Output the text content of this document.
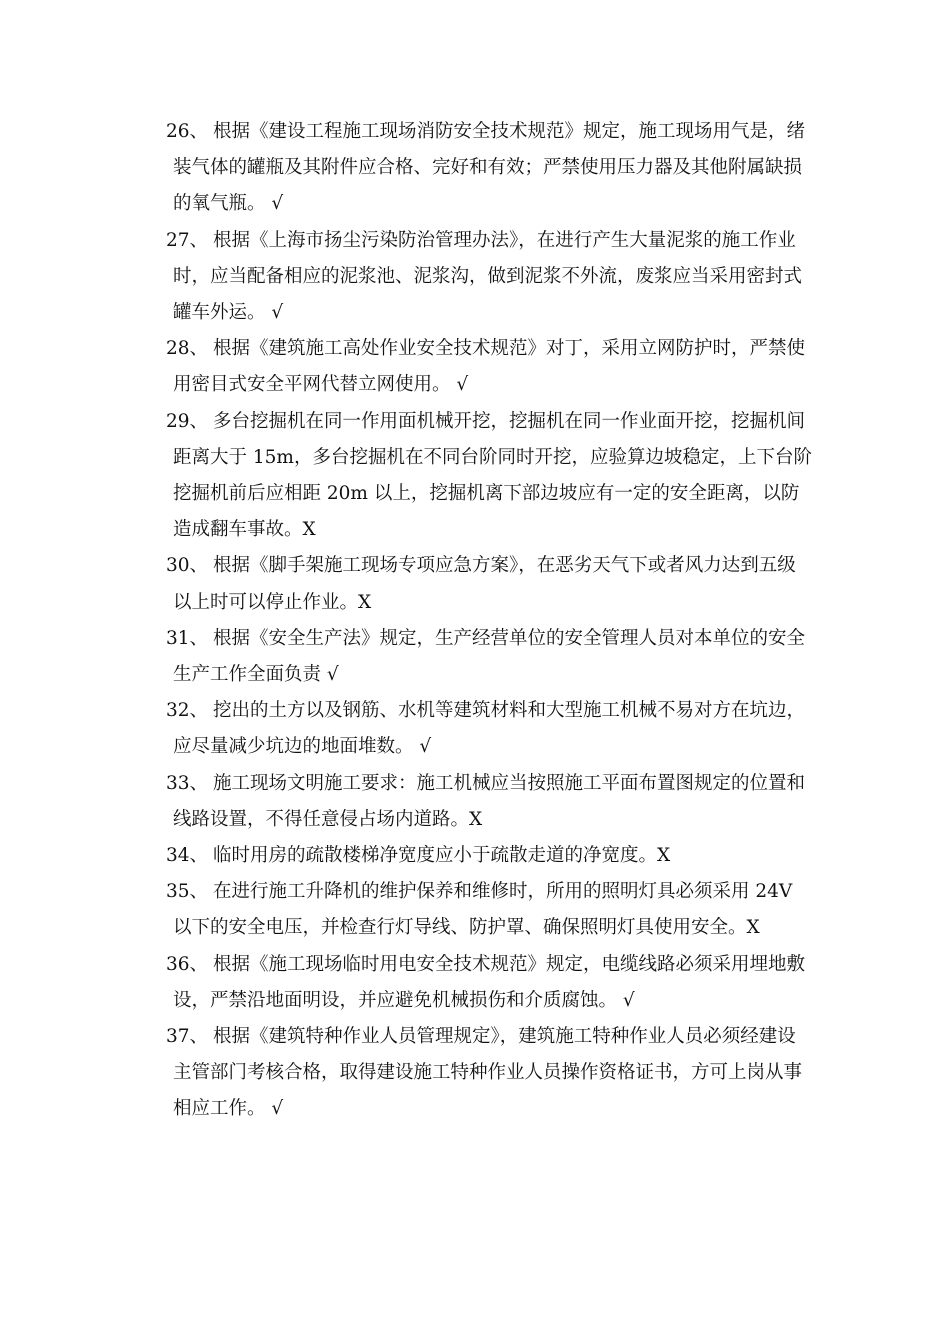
26、 根据《建设工程施工现场消防安全技术规范》规定，施工现场用气是，绪装气体的罐瓶及其附件应合格、完好和有效；严禁使用压力器及其他附属缺损的氧气瓶。 √
27、 根据《上海市扬尘污染防治管理办法》，在进行产生大量泥浆的施工作业时，应当配备相应的泥浆池、泥浆沟，做到泥浆不外流，废浆应当采用密封式罐车外运。 √
28、 根据《建筑施工高处作业安全技术规范》对丁，采用立网防护时，严禁使用密目式安全平网代替立网使用。 √
29、 多台挖掘机在同一作用面机械开挖，挖掘机在同一作业面开挖，挖掘机间距离大于 15m，多台挖掘机在不同台阶同时开挖，应验算边坡稳定，上下台阶挖掘机前后应相距 20m 以上，挖掘机离下部边坡应有一定的安全距离，以防造成翻车事故。X
30、 根据《脚手架施工现场专项应急方案》，在恶劣天气下或者风力达到五级以上时可以停止作业。X
31、 根据《安全生产法》规定，生产经营单位的安全管理人员对本单位的安全生产工作全面负责 √
32、 挖出的土方以及钢筋、水机等建筑材料和大型施工机械不易对方在坑边，应尽量减少坑边的地面堆数。 √
33、 施工现场文明施工要求：施工机械应当按照施工平面布置图规定的位置和线路设置，不得任意侵占场内道路。X
34、 临时用房的疏散楼梯净宽度应小于疏散走道的净宽度。X
35、 在进行施工升降机的维护保养和维修时，所用的照明灯具必须采用 24V 以下的安全电压，并检查行灯导线、防护罩、确保照明灯具使用安全。X
36、 根据《施工现场临时用电安全技术规范》规定，电缆线路必须采用埋地敷设，严禁沿地面明设，并应避免机械损伤和介质腐蚀。 √
37、 根据《建筑特种作业人员管理规定》，建筑施工特种作业人员必须经建设主管部门考核合格，取得建设施工特种作业人员操作资格证书，方可上岗从事相应工作。 √
